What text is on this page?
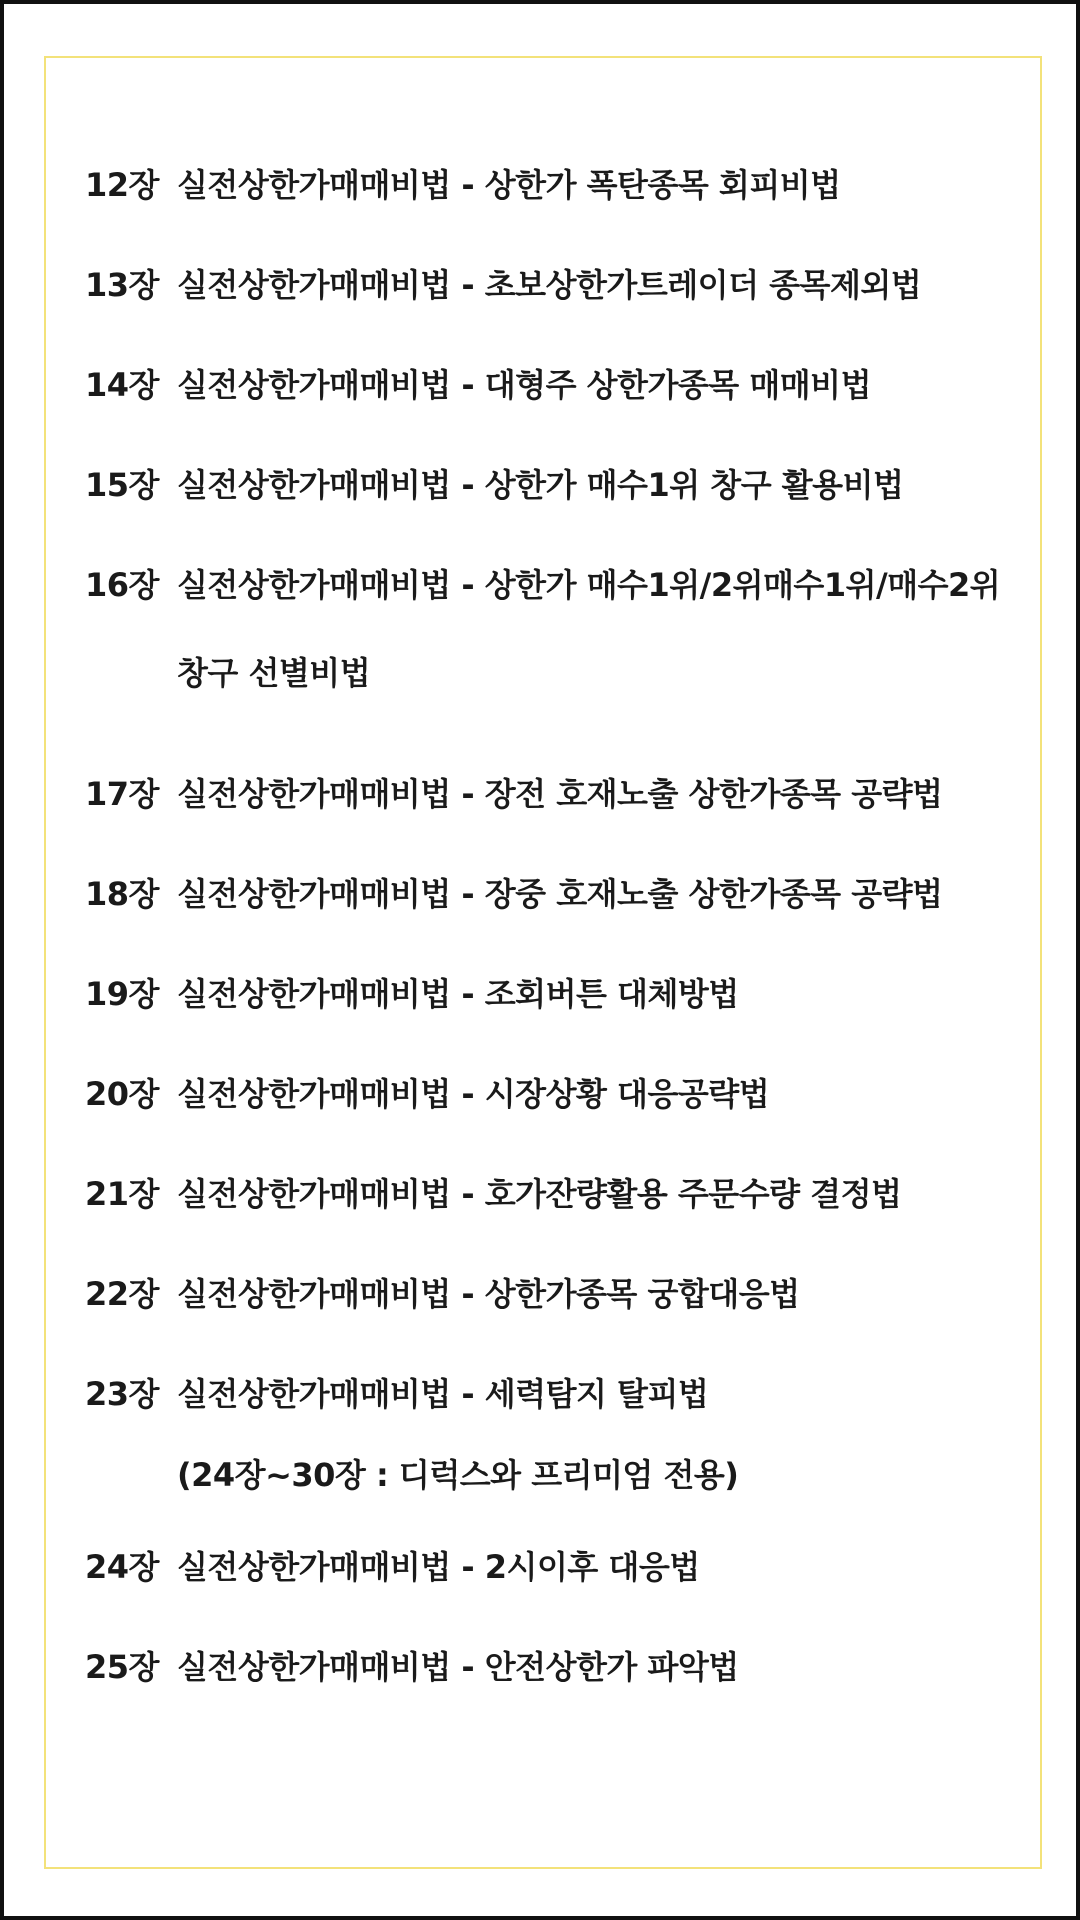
12장 실전상한가매매비법 - 상한가 폭탄종목 회피비법
13장 실전상한가매매비법 - 초보상한가트레이더 종목제외법
14장 실전상한가매매비법 - 대형주 상한가종목 매매비법
15장 실전상한가매매비법 - 상한가 매수1위 창구 활용비법
16장 실전상한가매매비법 - 상한가 매수1위/2위매수1위/매수2위 창구 선별비법
17장 실전상한가매매비법 - 장전 호재노출 상한가종목 공략법
18장 실전상한가매매비법 - 장중 호재노출 상한가종목 공략법
19장 실전상한가매매비법 - 조회버튼 대체방법
20장 실전상한가매매비법 - 시장상황 대응공략법
21장 실전상한가매매비법 - 호가잔량활용 주문수량 결정법
22장 실전상한가매매비법 - 상한가종목 궁합대응법
23장 실전상한가매매비법 - 세력탐지 탈피법
(24장~30장 : 디럭스와 프리미엄 전용)
24장 실전상한가매매비법 - 2시이후 대응법
25장 실전상한가매매비법 - 안전상한가 파악법
